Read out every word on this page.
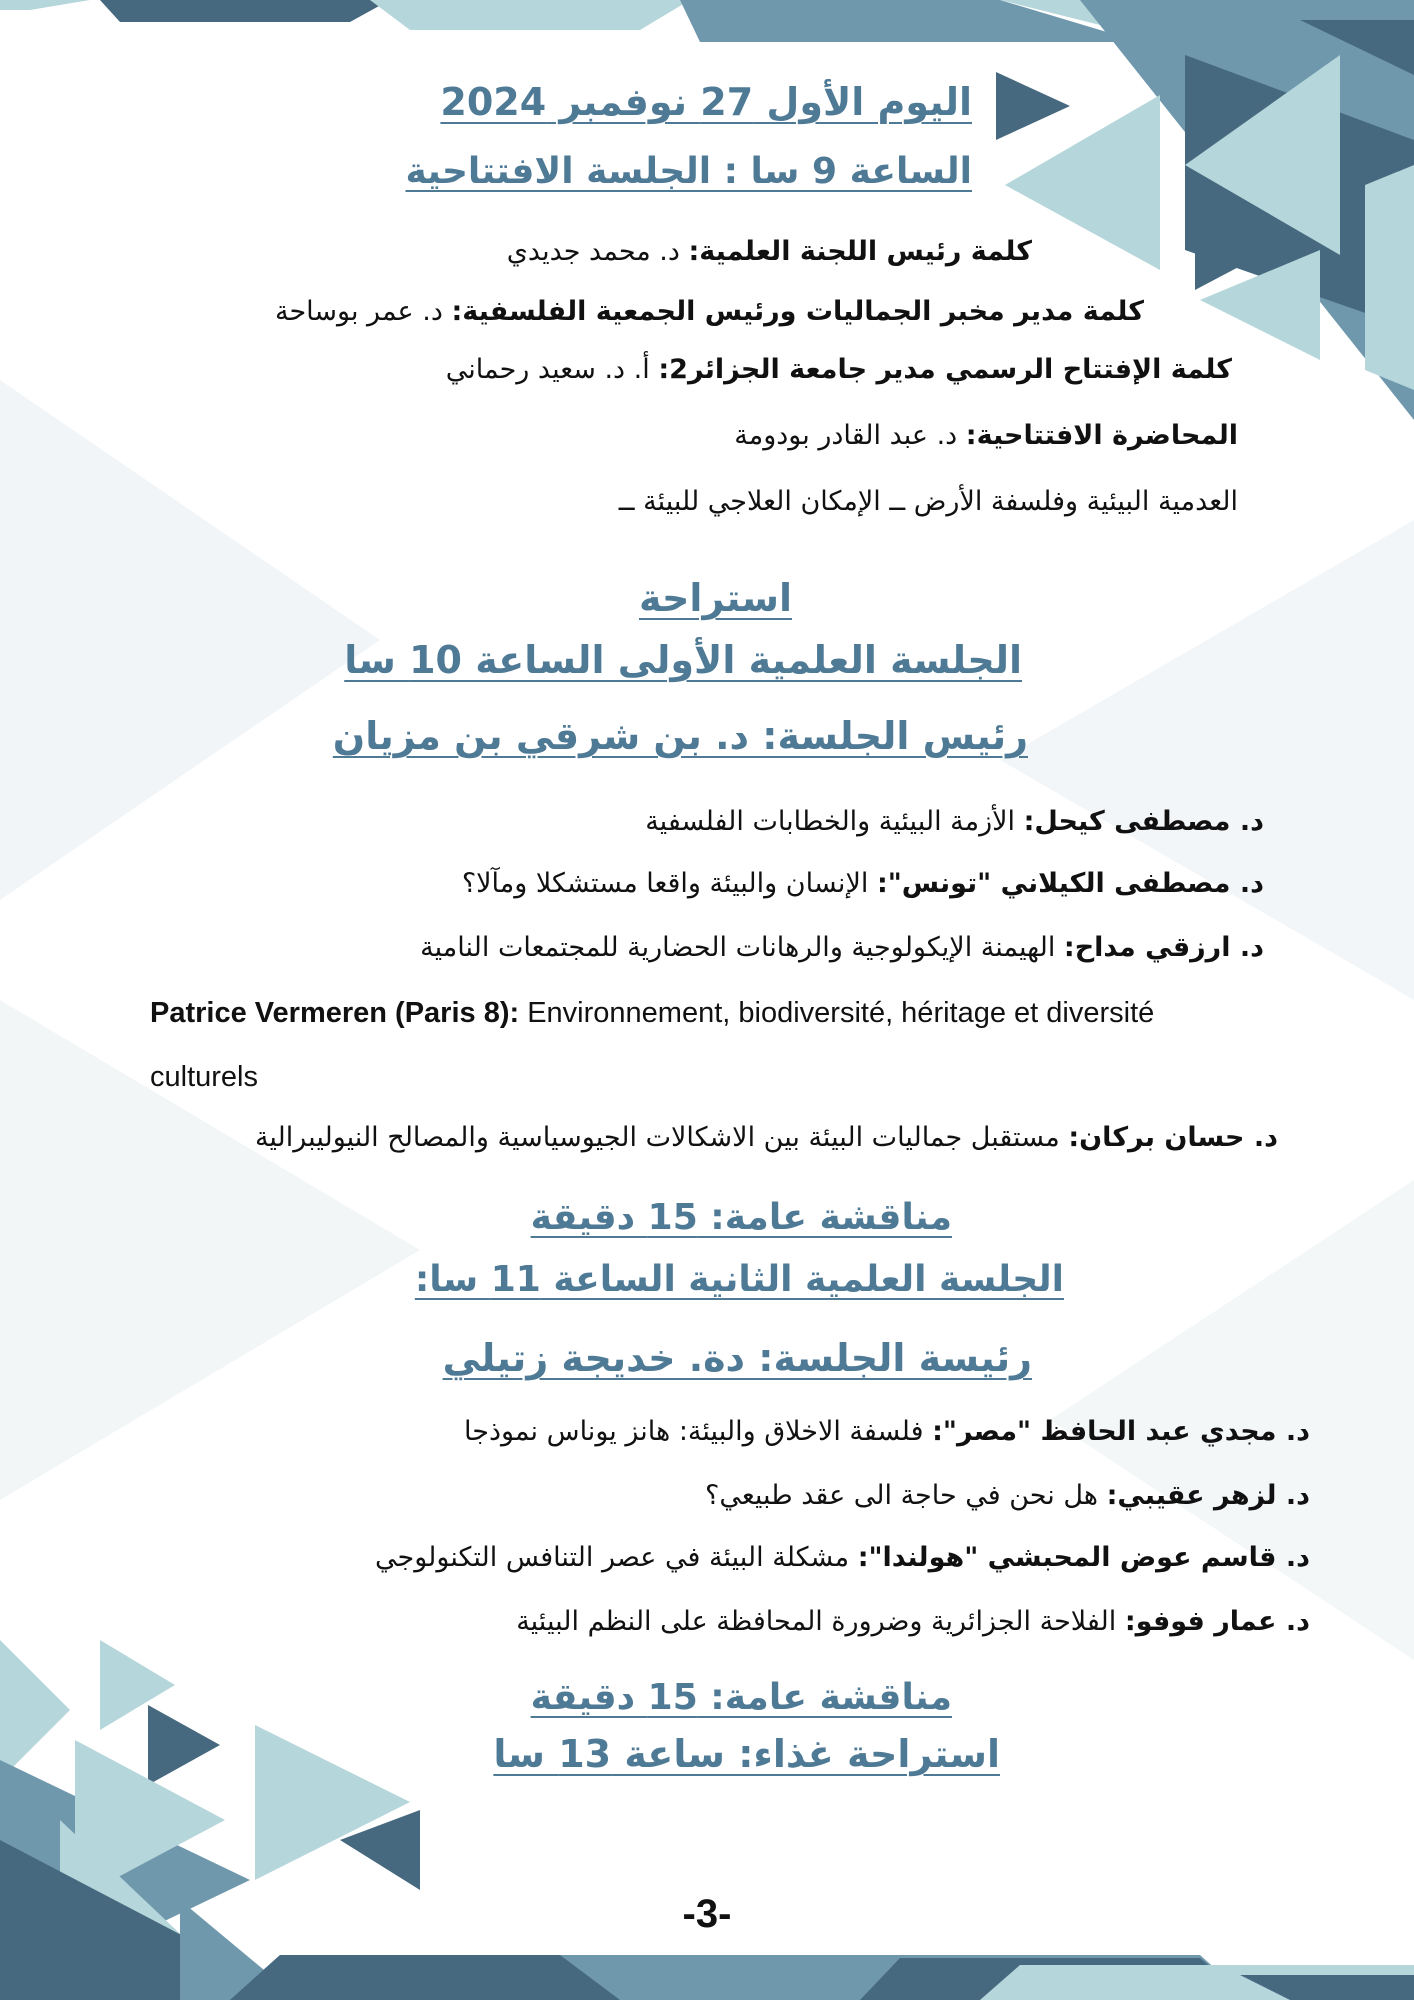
اليوم الأول 27 نوفمبر 2024
الساعة 9 سا : الجلسة الافتتاحية
كلمة رئيس اللجنة العلمية: د. محمد جديدي
كلمة مدير مخبر الجماليات ورئيس الجمعية الفلسفية: د. عمر بوساحة
كلمة الإفتتاح الرسمي مدير جامعة الجزائر2: أ. د. سعيد رحماني
المحاضرة الافتتاحية: د. عبد القادر بودومة
العدمية البيئية وفلسفة الأرض ــ الإمكان العلاجي للبيئة ــ
استراحة
الجلسة العلمية الأولى الساعة 10 سا
رئيس الجلسة: د. بن شرقي بن مزيان
د. مصطفى كيحل: الأزمة البيئية والخطابات الفلسفية
د. مصطفى الكيلاني "تونس": الإنسان والبيئة واقعا مستشكلا ومآلا؟
د. ارزقي مداح: الهيمنة الإيكولوجية والرهانات الحضارية للمجتمعات النامية
Patrice Vermeren (Paris 8): Environnement, biodiversité, héritage et diversité
culturels
د. حسان بركان: مستقبل جماليات البيئة بين الاشكالات الجيوسياسية والمصالح النيوليبرالية
مناقشة عامة: 15 دقيقة
الجلسة العلمية الثانية الساعة 11 سا:
رئيسة الجلسة: دة. خديجة زتيلي
د. مجدي عبد الحافظ "مصر": فلسفة الاخلاق والبيئة: هانز يوناس نموذجا
د. لزهر عقيبي: هل نحن في حاجة الى عقد طبيعي؟
د. قاسم عوض المحبشي "هولندا": مشكلة البيئة في عصر التنافس التكنولوجي
د. عمار فوفو: الفلاحة الجزائرية وضرورة المحافظة على النظم البيئية
مناقشة عامة: 15 دقيقة
استراحة غذاء: ساعة 13 سا
-3-
